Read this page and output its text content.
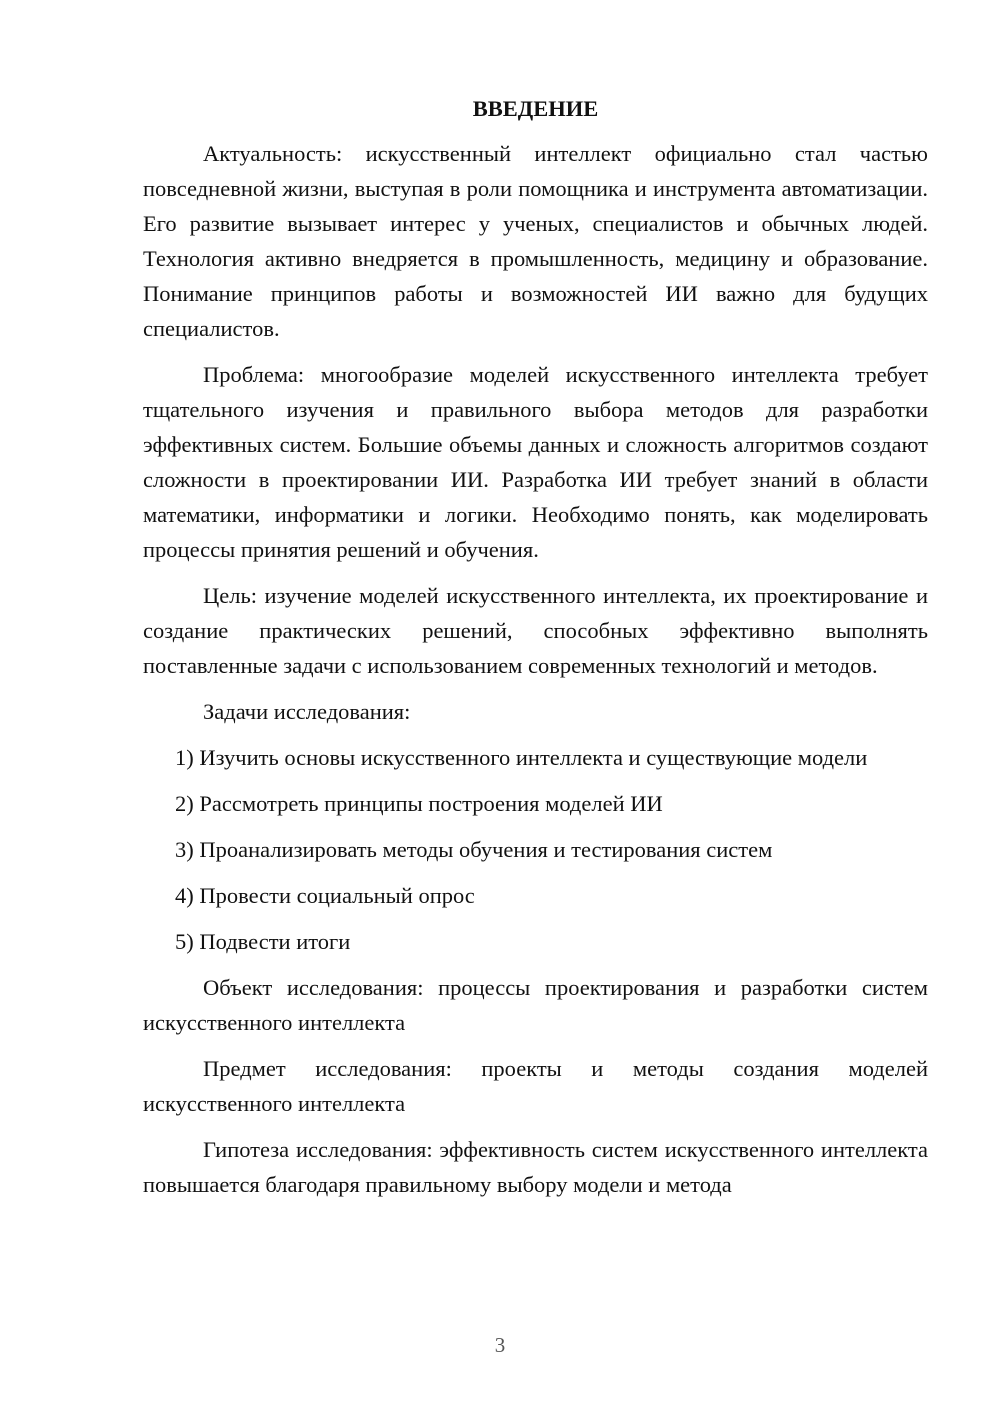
ВВЕДЕНИЕ

Актуальность: искусственный интеллект официально стал частью повседневной жизни, выступая в роли помощника и инструмента автоматизации. Его развитие вызывает интерес у ученых, специалистов и обычных людей. Технология активно внедряется в промышленность, медицину и образование. Понимание принципов работы и возможностей ИИ важно для будущих специалистов.

Проблема: многообразие моделей искусственного интеллекта требует тщательного изучения и правильного выбора методов для разработки эффективных систем. Большие объемы данных и сложность алгоритмов создают сложности в проектировании ИИ. Разработка ИИ требует знаний в области математики, информатики и логики. Необходимо понять, как моделировать процессы принятия решений и обучения.

Цель: изучение моделей искусственного интеллекта, их проектирование и создание практических решений, способных эффективно выполнять поставленные задачи с использованием современных технологий и методов.

Задачи исследования:

1) Изучить основы искусственного интеллекта и существующие модели

2) Рассмотреть принципы построения моделей ИИ

3) Проанализировать методы обучения и тестирования систем

4) Провести социальный опрос

5) Подвести итоги

Объект исследования: процессы проектирования и разработки систем искусственного интеллекта

Предмет исследования: проекты и методы создания моделей искусственного интеллекта

Гипотеза исследования: эффективность систем искусственного интеллекта повышается благодаря правильному выбору модели и метода

3
